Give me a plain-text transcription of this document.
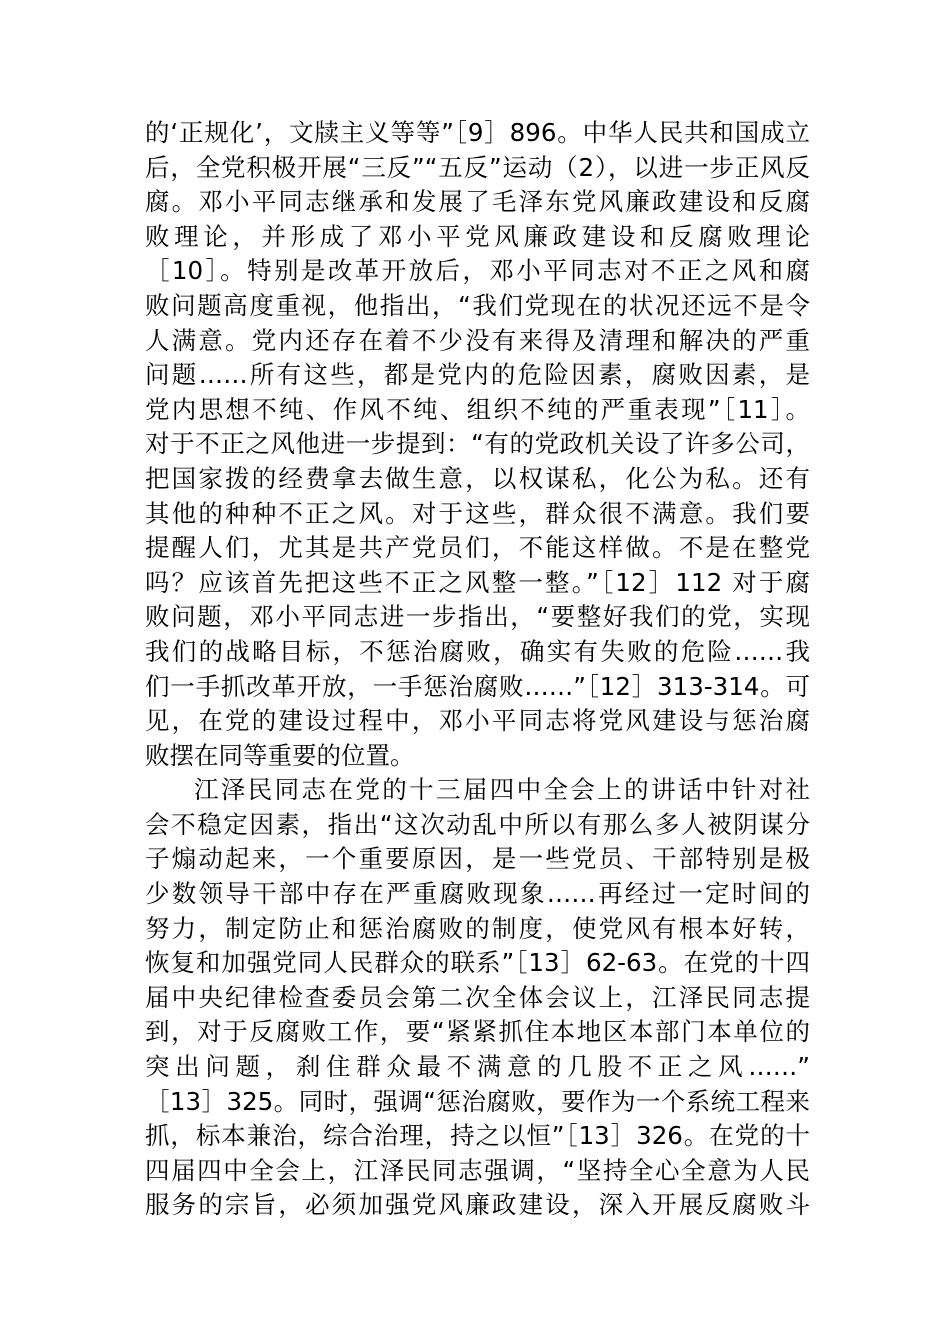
的‘正规化’，文牍主义等等”［9］896。中华人民共和国成立
后，全党积极开展“三反”“五反”运动（2），以进一步正风反
腐。邓小平同志继承和发展了毛泽东党风廉政建设和反腐
败理论，并形成了邓小平党风廉政建设和反腐败理论
［10］。特别是改革开放后，邓小平同志对不正之风和腐
败问题高度重视，他指出，“我们党现在的状况还远不是令
人满意。党内还存在着不少没有来得及清理和解决的严重
问题……所有这些，都是党内的危险因素，腐败因素，是
党内思想不纯、作风不纯、组织不纯的严重表现”［11］。
对于不正之风他进一步提到：“有的党政机关设了许多公司，
把国家拨的经费拿去做生意，以权谋私，化公为私。还有
其他的种种不正之风。对于这些，群众很不满意。我们要
提醒人们，尤其是共产党员们，不能这样做。不是在整党
吗？应该首先把这些不正之风整一整。”［12］112 对于腐
败问题，邓小平同志进一步指出，“要整好我们的党，实现
我们的战略目标，不惩治腐败，确实有失败的危险……我
们一手抓改革开放，一手惩治腐败……”［12］313-314。可
见，在党的建设过程中，邓小平同志将党风建设与惩治腐
败摆在同等重要的位置。
江泽民同志在党的十三届四中全会上的讲话中针对社
会不稳定因素，指出“这次动乱中所以有那么多人被阴谋分
子煽动起来，一个重要原因，是一些党员、干部特别是极
少数领导干部中存在严重腐败现象……再经过一定时间的
努力，制定防止和惩治腐败的制度，使党风有根本好转，
恢复和加强党同人民群众的联系”［13］62-63。在党的十四
届中央纪律检查委员会第二次全体会议上，江泽民同志提
到，对于反腐败工作，要“紧紧抓住本地区本部门本单位的
突出问题，刹住群众最不满意的几股不正之风……”
［13］325。同时，强调“惩治腐败，要作为一个系统工程来
抓，标本兼治，综合治理，持之以恒”［13］326。在党的十
四届四中全会上，江泽民同志强调，“坚持全心全意为人民
服务的宗旨，必须加强党风廉政建设，深入开展反腐败斗
